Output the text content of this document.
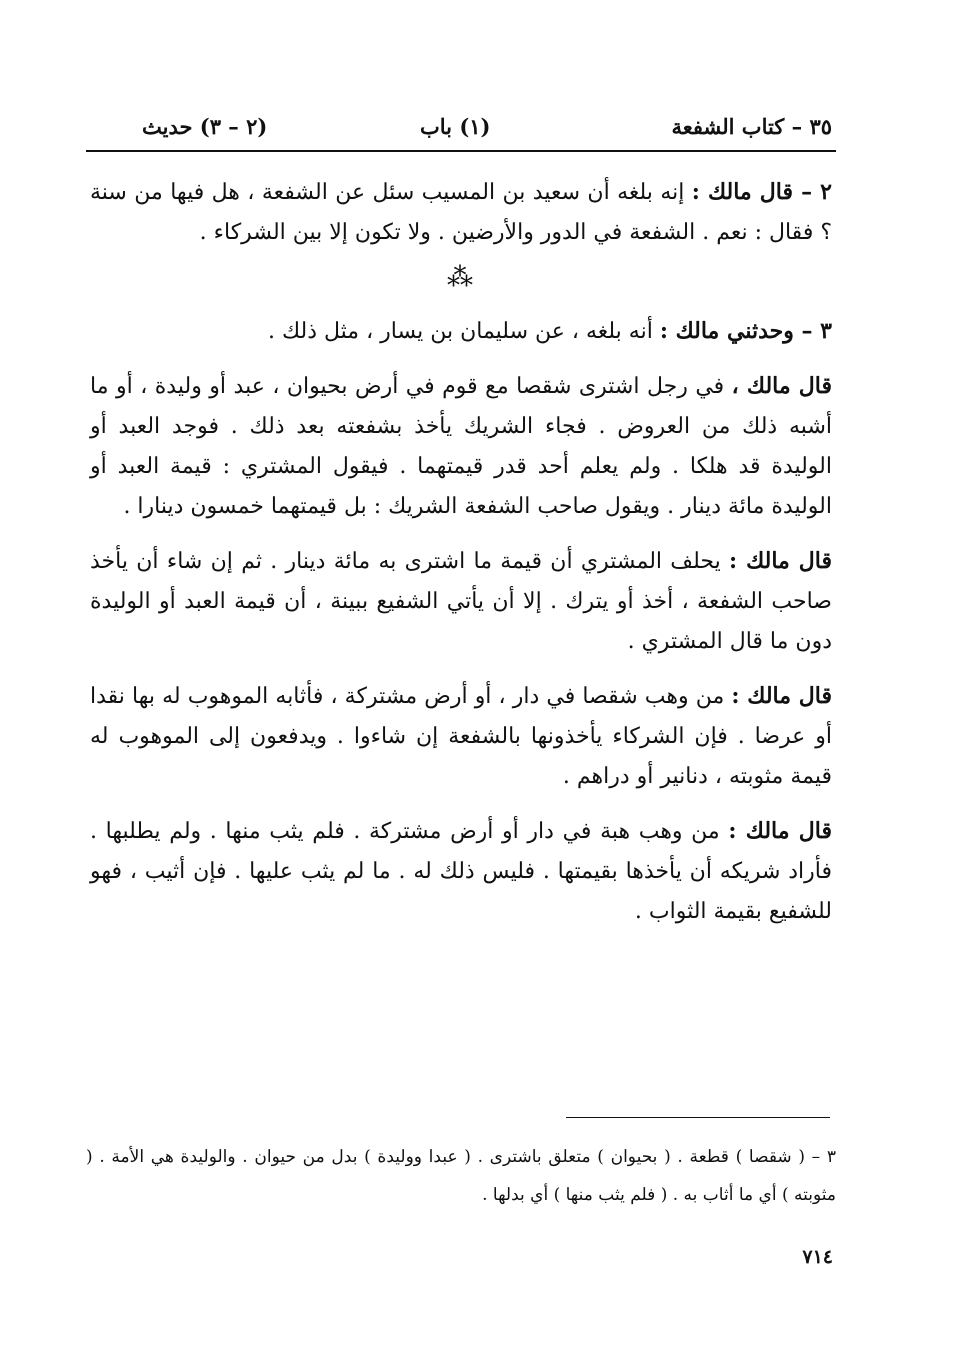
٣٥ – كتاب الشفعة
(١) باب
(٢ – ٣) حديث

٢ – قال مالك : إنه بلغه أن سعيد بن المسيب سئل عن الشفعة ، هل فيها من سنة ؟ فقال : نعم . الشفعة في الدور والأرضين . ولا تكون إلا بين الشركاء .

⁂

٣ – وحدثني مالك : أنه بلغه ، عن سليمان بن يسار ، مثل ذلك .

قال مالك ، في رجل اشترى شقصا مع قوم في أرض بحيوان ، عبد أو وليدة ، أو ما أشبه ذلك من العروض . فجاء الشريك يأخذ بشفعته بعد ذلك . فوجد العبد أو الوليدة قد هلكا . ولم يعلم أحد قدر قيمتهما . فيقول المشتري : قيمة العبد أو الوليدة مائة دينار . ويقول صاحب الشفعة الشريك : بل قيمتهما خمسون دينارا .

قال مالك : يحلف المشتري أن قيمة ما اشترى به مائة دينار . ثم إن شاء أن يأخذ صاحب الشفعة ، أخذ أو يترك . إلا أن يأتي الشفيع ببينة ، أن قيمة العبد أو الوليدة دون ما قال المشتري .

قال مالك : من وهب شقصا في دار ، أو أرض مشتركة ، فأثابه الموهوب له بها نقدا أو عرضا . فإن الشركاء يأخذونها بالشفعة إن شاءوا . ويدفعون إلى الموهوب له قيمة مثوبته ، دنانير أو دراهم .

قال مالك : من وهب هبة في دار أو أرض مشتركة . فلم يثب منها . ولم يطلبها . فأراد شريكه أن يأخذها بقيمتها . فليس ذلك له . ما لم يثب عليها . فإن أثيب ، فهو للشفيع بقيمة الثواب .

٣ – ( شقصا ) قطعة . ( بحيوان ) متعلق باشترى . ( عبدا ووليدة ) بدل من حيوان . والوليدة هي الأمة . ( مثوبته ) أي ما أثاب به . ( فلم يثب منها ) أي بدلها .
٧١٤
